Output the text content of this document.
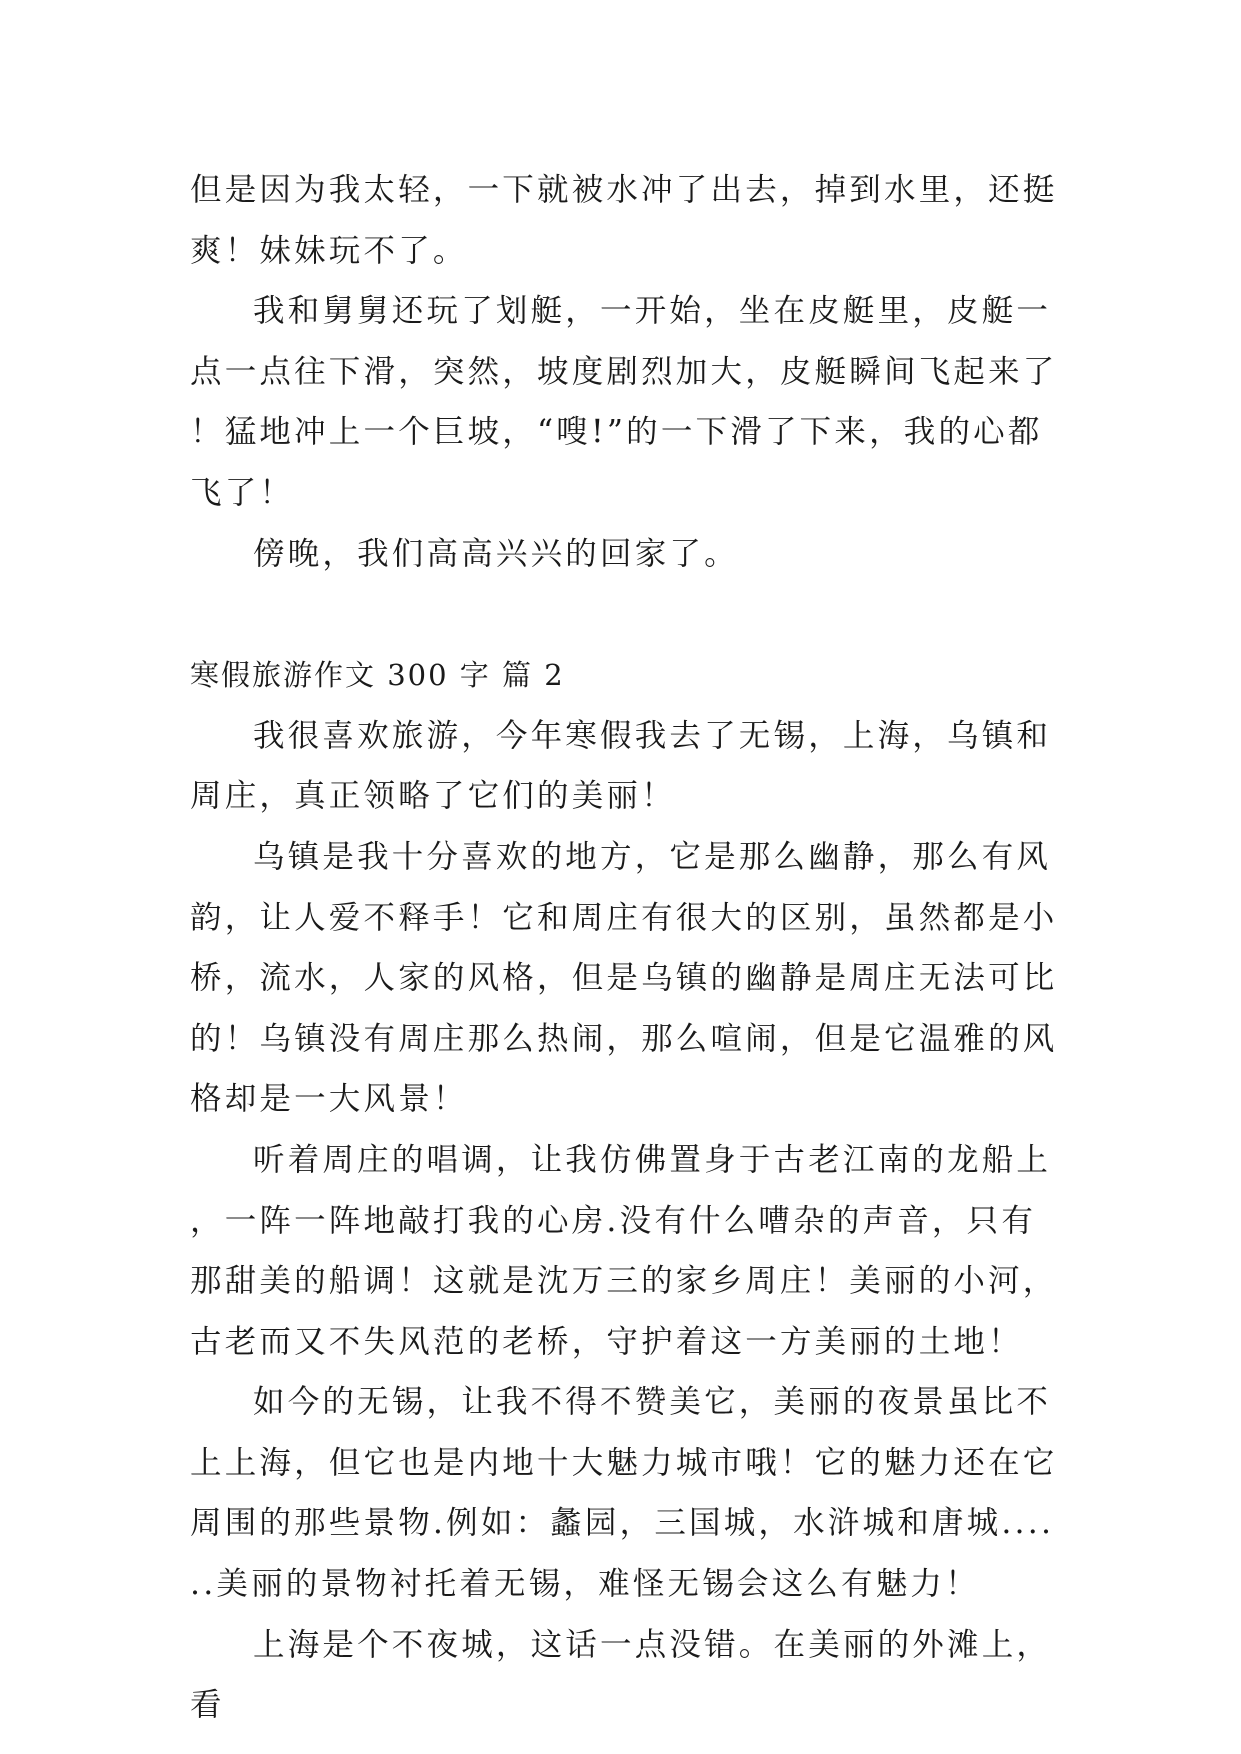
但是因为我太轻，一下就被水冲了出去，掉到水里，还挺爽！妹妹玩不了。

我和舅舅还玩了划艇，一开始，坐在皮艇里，皮艇一点一点往下滑，突然，坡度剧烈加大，皮艇瞬间飞起来了！猛地冲上一个巨坡，“嗖!”的一下滑了下来，我的心都飞了！

傍晚，我们高高兴兴的回家了。

寒假旅游作文 300 字 篇 2

我很喜欢旅游，今年寒假我去了无锡，上海，乌镇和周庄，真正领略了它们的美丽！

乌镇是我十分喜欢的地方，它是那么幽静，那么有风韵，让人爱不释手！它和周庄有很大的区别，虽然都是小桥，流水，人家的风格，但是乌镇的幽静是周庄无法可比的！乌镇没有周庄那么热闹，那么喧闹，但是它温雅的风格却是一大风景！

听着周庄的唱调，让我仿佛置身于古老江南的龙船上，一阵一阵地敲打我的心房.没有什么嘈杂的声音，只有那甜美的船调！这就是沈万三的家乡周庄！美丽的小河，古老而又不失风范的老桥，守护着这一方美丽的土地！

如今的无锡，让我不得不赞美它，美丽的夜景虽比不上上海，但它也是内地十大魅力城市哦！它的魅力还在它周围的那些景物.例如：蠡园，三国城，水浒城和唐城......美丽的景物衬托着无锡，难怪无锡会这么有魅力！

上海是个不夜城，这话一点没错。在美丽的外滩上，看
